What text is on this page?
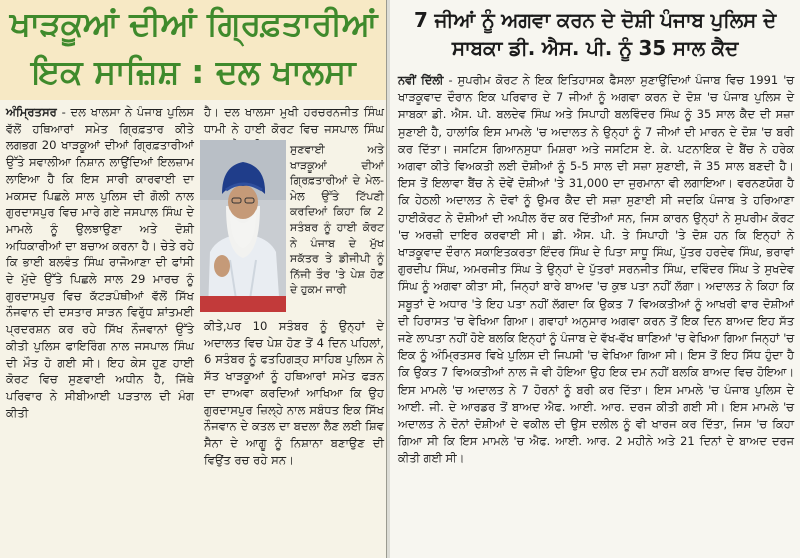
ਖਾੜਕੂਆਂ ਦੀਆਂ ਗ੍ਰਿਫ਼ਤਾਰੀਆਂ
ਇਕ ਸਾਜ਼ਿਸ਼ : ਦਲ ਖਾਲਸਾ
ਅੰਮ੍ਰਿਤਸਰ - ਦਲ ਖਾਲਸਾ ਨੇ ਪੰਜਾਬ ਪੁਲਿਸ ਵੱਲੋਂ ਹਥਿਆਰਾਂ ਸਮੇਤ ਗ੍ਰਿਫ਼ਤਾਰ ਕੀਤੇ ਲਗਭਗ 20 ਖਾੜਕੂਆਂ ਦੀਆਂ ਗ੍ਰਿਫ਼ਤਾਰੀਆਂ ਉੱਤੇ ਸਵਾਲੀਆ ਨਿਸ਼ਾਨ ਲਾਉਂਦਿਆਂ ਇਲਜ਼ਾਮ ਲਾਇਆ ਹੈ ਕਿ ਇਸ ਸਾਰੀ ਕਾਰਵਾਈ ਦਾ ਮਕਸਦ ਪਿਛਲੇ ਸਾਲ ਪੁਲਿਸ ਦੀ ਗੋਲੀ ਨਾਲ ਗੁਰਦਾਸਪੁਰ ਵਿਚ ਮਾਰੇ ਗਏ ਜਸਪਾਲ ਸਿੰਘ ਦੇ ਮਾਮਲੇ ਨੂੰ ਉਲਝਾਉਣਾ ਅਤੇ ਦੋਸ਼ੀ ਅਧਿਕਾਰੀਆਂ ਦਾ ਬਚਾਅ ਕਰਨਾ ਹੈ। ਚੇਤੇ ਰਹੇ ਕਿ ਭਾਈ ਬਲਵੰਤ ਸਿੰਘ ਰਾਜੋਆਣਾ ਦੀ ਫਾਂਸੀ ਦੇ ਮੁੱਦੇ ਉੱਤੇ ਪਿਛਲੇ ਸਾਲ 29 ਮਾਰਚ ਨੂੰ ਗੁਰਦਾਸਪੁਰ ਵਿਚ ਕੱਟੜਪੰਥੀਆਂ ਵੱਲੋਂ ਸਿੱਖ ਨੌਜਵਾਨ ਦੀ ਦਸਤਾਰ ਸਾੜਨ ਵਿਰੁੱਧ ਸ਼ਾਂਤਮਈ ਪ੍ਰਦਰਸ਼ਨ ਕਰ ਰਹੇ ਸਿੱਖ ਨੌਜਵਾਨਾਂ ਉੱਤੇ ਕੀਤੀ ਪੁਲਿਸ ਫਾਇਰਿੰਗ ਨਾਲ ਜਸਪਾਲ ਸਿੰਘ ਦੀ ਮੌਤ ਹੋ ਗਈ ਸੀ। ਇਹ ਕੇਸ ਹੁਣ ਹਾਈ ਕੋਰਟ ਵਿਚ ਸੁਣਵਾਈ ਅਧੀਨ ਹੈ, ਜਿੱਥੇ ਪਰਿਵਾਰ ਨੇ ਸੀਬੀਆਈ ਪੜਤਾਲ ਦੀ ਮੰਗ ਕੀਤੀ
ਹੈ। ਦਲ ਖਾਲਸਾ ਮੁਖੀ ਹਰਚਰਨਜੀਤ ਸਿੰਘ ਧਾਮੀ ਨੇ ਹਾਈ ਕੋਰਟ ਵਿਚ ਜਸਪਾਲ ਸਿੰਘ
ਸੁਣਵਾਈ ਅਤੇ ਖਾੜਕੂਆਂ ਦੀਆਂ ਗ੍ਰਿਫ਼ਤਾਰੀਆਂ ਦੇ ਮੇਲ-ਮੇਲ ਉੱਤੇ ਟਿੱਪਣੀ ਕਰਦਿਆਂ ਕਿਹਾ ਕਿ 2 ਸਤੰਬਰ ਨੂੰ ਹਾਈ ਕੋਰਟ ਨੇ ਪੰਜਾਬ ਦੇ ਮੁੱਖ ਸਕੱਤਰ ਤੇ ਡੀਜੀਪੀ ਨੂੰ ਨਿੱਜੀ ਤੌਰ 'ਤੇ ਪੇਸ਼ ਹੋਣ ਦੇ ਹੁਕਮ ਜਾਰੀ
ਕੀਤੇ,ਪਰ 10 ਸਤੰਬਰ ਨੂੰ ਉਨ੍ਹਾਂ ਦੇ ਅਦਾਲਤ ਵਿਚ ਪੇਸ਼ ਹੋਣ ਤੋਂ 4 ਦਿਨ ਪਹਿਲਾਂ, 6 ਸਤੰਬਰ ਨੂੰ ਫਤਹਿਗੜ੍ਹ ਸਾਹਿਬ ਪੁਲਿਸ ਨੇ ਸੱਤ ਖਾੜਕੂਆਂ ਨੂੰ ਹਥਿਆਰਾਂ ਸਮੇਤ ਫੜਨ ਦਾ ਦਾਅਵਾ ਕਰਦਿਆਂ ਆਖਿਆ ਕਿ ਉਹ ਗੁਰਦਾਸਪੁਰ ਜ਼ਿਲ੍ਹੇ ਨਾਲ ਸਬੰਧਤ ਇਕ ਸਿੱਖ ਨੌਜਵਾਨ ਦੇ ਕਤਲ ਦਾ ਬਦਲਾ ਲੈਣ ਲਈ ਸ਼ਿਵ ਸੈਨਾ ਦੇ ਆਗੂ ਨੂੰ ਨਿਸ਼ਾਨਾ ਬਣਾਉਣ ਦੀ ਵਿਉਂਤ ਰਚ ਰਹੇ ਸਨ।
7 ਜੀਆਂ ਨੂੰ ਅਗਵਾ ਕਰਨ ਦੇ ਦੋਸ਼ੀ ਪੰਜਾਬ ਪੁਲਿਸ ਦੇ
ਸਾਬਕਾ ਡੀ. ਐਸ. ਪੀ. ਨੂੰ 35 ਸਾਲ ਕੈਦ
ਨਵੀਂ ਦਿੱਲੀ - ਸੁਪਰੀਮ ਕੋਰਟ ਨੇ ਇਕ ਇਤਿਹਾਸਕ ਫੈਸਲਾ ਸੁਣਾਉਂਦਿਆਂ ਪੰਜਾਬ ਵਿਚ 1991 'ਚ ਖਾੜਕੂਵਾਦ ਦੌਰਾਨ ਇਕ ਪਰਿਵਾਰ ਦੇ 7 ਜੀਆਂ ਨੂੰ ਅਗਵਾ ਕਰਨ ਦੇ ਦੋਸ਼ 'ਚ ਪੰਜਾਬ ਪੁਲਿਸ ਦੇ ਸਾਬਕਾ ਡੀ. ਐਸ. ਪੀ. ਬਲਦੇਵ ਸਿੰਘ ਅਤੇ ਸਿਪਾਹੀ ਬਲਵਿੰਦਰ ਸਿੰਘ ਨੂੰ 35 ਸਾਲ ਕੈਦ ਦੀ ਸਜ਼ਾ ਸੁਣਾਈ ਹੈ, ਹਾਲਾਂਕਿ ਇਸ ਮਾਮਲੇ 'ਚ ਅਦਾਲਤ ਨੇ ਉਨ੍ਹਾਂ ਨੂੰ 7 ਜੀਆਂ ਦੀ ਮਾਰਨ ਦੇ ਦੋਸ਼ 'ਚ ਬਰੀ ਕਰ ਦਿੱਤਾ। ਜਸਟਿਸ ਗਿਆਨਸੁਧਾ ਮਿਸ਼ਰਾ ਅਤੇ ਜਸਟਿਸ ਏ. ਕੇ. ਪਟਨਾਇਕ ਦੇ ਬੈਂਚ ਨੇ ਹਰੇਕ ਅਗਵਾ ਕੀਤੇ ਵਿਅਕਤੀ ਲਈ ਦੋਸ਼ੀਆਂ ਨੂੰ 5-5 ਸਾਲ ਦੀ ਸਜ਼ਾ ਸੁਣਾਈ, ਜੋ 35 ਸਾਲ ਬਣਦੀ ਹੈ। ਇਸ ਤੋਂ ਇਲਾਵਾ ਬੈਂਚ ਨੇ ਦੋਵੇਂ ਦੋਸ਼ੀਆਂ 'ਤੇ 31,000 ਦਾ ਜੁਰਮਾਨਾ ਵੀ ਲਗਾਇਆ। ਵਰਨਣਯੋਗ ਹੈ ਕਿ ਹੇਠਲੀ ਅਦਾਲਤ ਨੇ ਦੋਵਾਂ ਨੂੰ ਉਮਰ ਕੈਦ ਦੀ ਸਜ਼ਾ ਸੁਣਾਈ ਸੀ ਜਦਕਿ ਪੰਜਾਬ ਤੇ ਹਰਿਆਣਾ ਹਾਈਕੋਰਟ ਨੇ ਦੋਸ਼ੀਆਂ ਦੀ ਅਪੀਲ ਰੱਦ ਕਰ ਦਿੱਤੀਆਂ ਸਨ, ਜਿਸ ਕਾਰਨ ਉਨ੍ਹਾਂ ਨੇ ਸੁਪਰੀਮ ਕੋਰਟ 'ਚ ਅਰਜ਼ੀ ਦਾਇਰ ਕਰਵਾਈ ਸੀ। ਡੀ. ਐਸ. ਪੀ. ਤੇ ਸਿਪਾਹੀ 'ਤੇ ਦੋਸ਼ ਹਨ ਕਿ ਇਨ੍ਹਾਂ ਨੇ ਖਾੜਕੂਵਾਦ ਦੌਰਾਨ ਸਕਾਇਤਕਰਤਾ ਇੰਦਰ ਸਿੰਘ ਦੇ ਪਿਤਾ ਸਾਧੂ ਸਿੰਘ, ਪੁੱਤਰ ਹਰਦੇਵ ਸਿੰਘ, ਭਰਾਵਾਂ ਗੁਰਦੀਪ ਸਿੰਘ, ਅਮਰਜੀਤ ਸਿੰਘ ਤੇ ਉਨ੍ਹਾਂ ਦੇ ਪੁੱਤਰਾਂ ਸਰਨਜੀਤ ਸਿੰਘ, ਦਵਿੰਦਰ ਸਿੰਘ ਤੇ ਸੁਖਦੇਵ ਸਿੰਘ ਨੂੰ ਅਗਵਾ ਕੀਤਾ ਸੀ, ਜਿਨ੍ਹਾਂ ਬਾਰੇ ਬਾਅਦ 'ਚ ਕੁਝ ਪਤਾ ਨਹੀਂ ਲੱਗਾ। ਅਦਾਲਤ ਨੇ ਕਿਹਾ ਕਿ ਸਬੂਤਾਂ ਦੇ ਅਧਾਰ 'ਤੇ ਇਹ ਪਤਾ ਨਹੀਂ ਲੱਗਦਾ ਕਿ ਉਕਤ 7 ਵਿਅਕਤੀਆਂ ਨੂੰ ਆਖਰੀ ਵਾਰ ਦੋਸ਼ੀਆਂ ਦੀ ਹਿਰਾਸਤ 'ਚ ਵੇਖਿਆ ਗਿਆ। ਗਵਾਹਾਂ ਅਨੁਸਾਰ ਅਗਵਾ ਕਰਨ ਤੋਂ ਇਕ ਦਿਨ ਬਾਅਦ ਇਹ ਸੱਤ ਜਣੇ ਲਾਪਤਾ ਨਹੀਂ ਹੋਏ ਬਲਕਿ ਇਨ੍ਹਾਂ ਨੂੰ ਪੰਜਾਬ ਦੇ ਵੱਖ-ਵੱਖ ਥਾਣਿਆਂ 'ਚ ਵੇਖਿਆ ਗਿਆ ਜਿਨ੍ਹਾਂ 'ਚ ਇਕ ਨੂੰ ਅੰਮ੍ਰਿਤਸਰ ਵਿਖੇ ਪੁਲਿਸ ਦੀ ਜਿਪਸੀ 'ਚ ਵੇਖਿਆ ਗਿਆ ਸੀ। ਇਸ ਤੋਂ ਇਹ ਸਿੱਧ ਹੁੰਦਾ ਹੈ ਕਿ ਉਕਤ 7 ਵਿਅਕਤੀਆਂ ਨਾਲ ਜੋ ਵੀ ਹੋਇਆ ਉਹ ਇਕ ਦਮ ਨਹੀਂ ਬਲਕਿ ਬਾਅਦ ਵਿਚ ਹੋਇਆ। ਇਸ ਮਾਮਲੇ 'ਚ ਅਦਾਲਤ ਨੇ 7 ਹੋਰਨਾਂ ਨੂੰ ਬਰੀ ਕਰ ਦਿੱਤਾ। ਇਸ ਮਾਮਲੇ 'ਚ ਪੰਜਾਬ ਪੁਲਿਸ ਦੇ ਆਈ. ਜੀ. ਦੇ ਆਰਡਰ ਤੋਂ ਬਾਅਦ ਐਫ. ਆਈ. ਆਰ. ਦਰਜ ਕੀਤੀ ਗਈ ਸੀ। ਇਸ ਮਾਮਲੇ 'ਚ ਅਦਾਲਤ ਨੇ ਦੋਨਾਂ ਦੋਸ਼ੀਆਂ ਦੇ ਵਕੀਲ ਦੀ ਉਸ ਦਲੀਲ ਨੂੰ ਵੀ ਖਾਰਜ ਕਰ ਦਿੱਤਾ, ਜਿਸ 'ਚ ਕਿਹਾ ਗਿਆ ਸੀ ਕਿ ਇਸ ਮਾਮਲੇ 'ਚ ਐਫ. ਆਈ. ਆਰ. 2 ਮਹੀਨੇ ਅਤੇ 21 ਦਿਨਾਂ ਦੇ ਬਾਅਦ ਦਰਜ ਕੀਤੀ ਗਈ ਸੀ।
